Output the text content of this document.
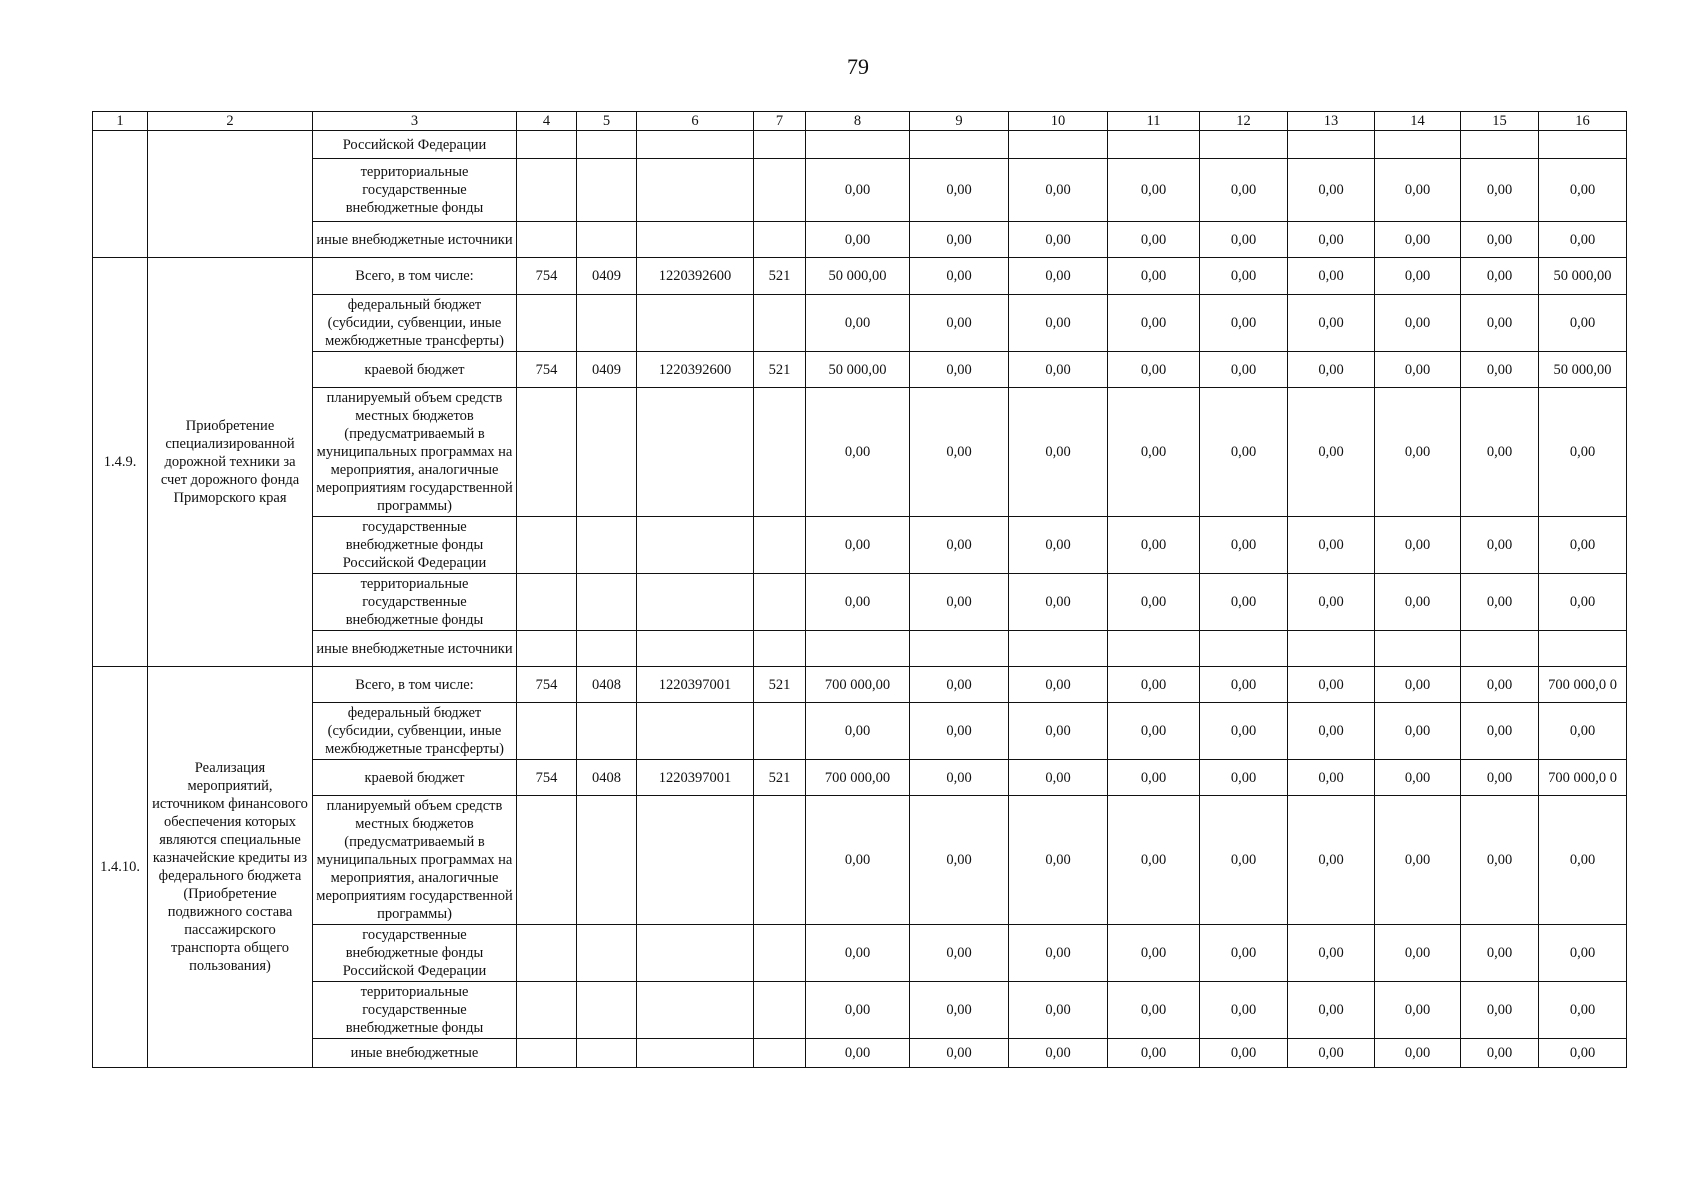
79
1	2	3	4	5	6	7	8	9	10	11	12	13	14	15	16
		Российской Федерации													
		территориальные государственные внебюджетные фонды					0,00	0,00	0,00	0,00	0,00	0,00	0,00	0,00	0,00
		иные внебюджетные источники					0,00	0,00	0,00	0,00	0,00	0,00	0,00	0,00	0,00
1.4.9.	Приобретение специализированной дорожной техники за счет дорожного фонда Приморского края	Всего, в том числе:	754	0409	1220392600	521	50 000,00	0,00	0,00	0,00	0,00	0,00	0,00	0,00	50 000,00
		федеральный бюджет (субсидии, субвенции, иные межбюджетные трансферты)					0,00	0,00	0,00	0,00	0,00	0,00	0,00	0,00	0,00
		краевой бюджет	754	0409	1220392600	521	50 000,00	0,00	0,00	0,00	0,00	0,00	0,00	0,00	50 000,00
		планируемый объем средств местных бюджетов (предусматриваемый в муниципальных программах на мероприятия, аналогичные мероприятиям государственной программы)					0,00	0,00	0,00	0,00	0,00	0,00	0,00	0,00	0,00
		государственные внебюджетные фонды Российской Федерации					0,00	0,00	0,00	0,00	0,00	0,00	0,00	0,00	0,00
		территориальные государственные внебюджетные фонды					0,00	0,00	0,00	0,00	0,00	0,00	0,00	0,00	0,00
		иные внебюджетные источники													
1.4.10.	Реализация мероприятий, источником финансового обеспечения которых являются специальные казначейские кредиты из федерального бюджета (Приобретение подвижного состава пассажирского транспорта общего пользования)	Всего, в том числе:	754	0408	1220397001	521	700 000,00	0,00	0,00	0,00	0,00	0,00	0,00	0,00	700 000,0 0
		федеральный бюджет (субсидии, субвенции, иные межбюджетные трансферты)					0,00	0,00	0,00	0,00	0,00	0,00	0,00	0,00	0,00
		краевой бюджет	754	0408	1220397001	521	700 000,00	0,00	0,00	0,00	0,00	0,00	0,00	0,00	700 000,0 0
		планируемый объем средств местных бюджетов (предусматриваемый в муниципальных программах на мероприятия, аналогичные мероприятиям государственной программы)					0,00	0,00	0,00	0,00	0,00	0,00	0,00	0,00	0,00
		государственные внебюджетные фонды Российской Федерации					0,00	0,00	0,00	0,00	0,00	0,00	0,00	0,00	0,00
		территориальные государственные внебюджетные фонды					0,00	0,00	0,00	0,00	0,00	0,00	0,00	0,00	0,00
		иные внебюджетные					0,00	0,00	0,00	0,00	0,00	0,00	0,00	0,00	0,00
